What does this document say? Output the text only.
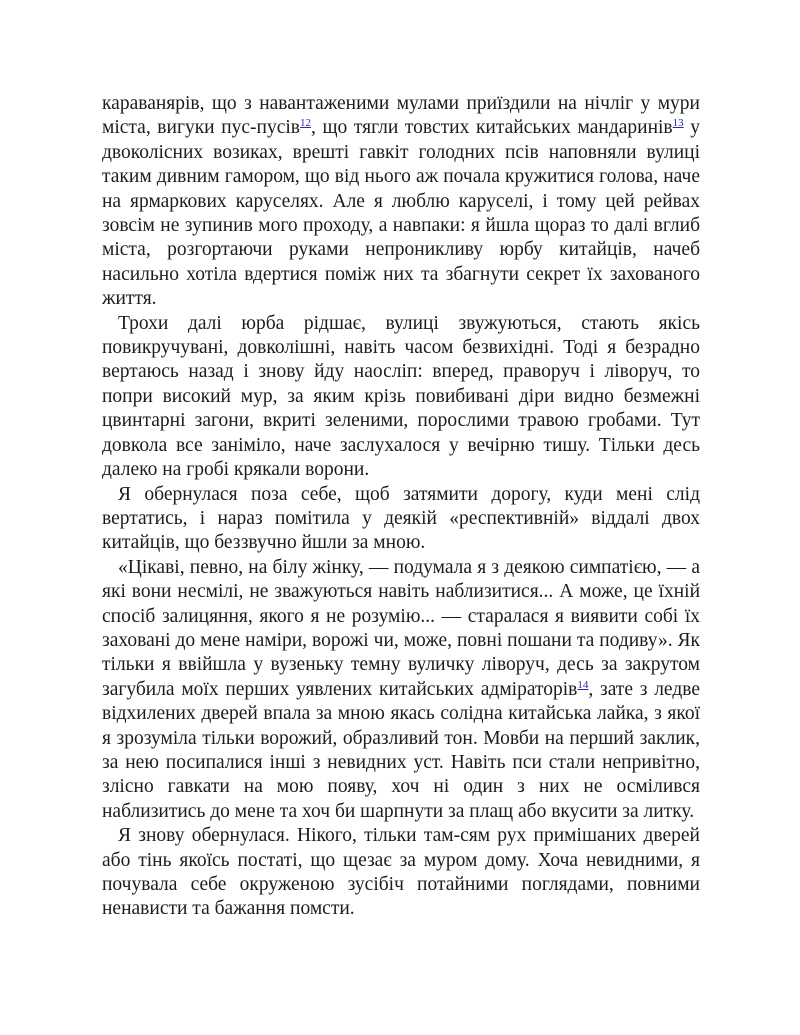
караванярів, що з навантаженими мулами приїздили на нічліг у мури міста, вигуки пус-пусів$^{12}$, що тягли товстих китайських мандаринів$^{13}$ у двоколісних возиках, врешті гавкіт голодних псів наповняли вулиці таким дивним гамором, що від нього аж почала кружитися голова, наче на ярмаркових каруселях. Але я люблю каруселі, і тому цей рейвах зовсім не зупинив мого проходу, а навпаки: я йшла щораз то далі вглиб міста, розгортаючи руками непроникливу юрбу китайців, начеб насильно хотіла вдертися поміж них та збагнути секрет їх захованого життя.

Трохи далі юрба рідшає, вулиці звужуються, стають якісь повикручувані, довколішні, навіть часом безвихідні. Тоді я безрадно вертаюсь назад і знову йду наосліп: вперед, праворуч і ліворуч, то попри високий мур, за яким крізь повибивані діри видно безмежні цвинтарні загони, вкриті зеленими, порослими травою гробами. Тут довкола все заніміло, наче заслухалося у вечірню тишу. Тільки десь далеко на гробі крякали ворони.

Я обернулася поза себе, щоб затямити дорогу, куди мені слід вертатись, і нараз помітила у деякій «респективній» віддалі двох китайців, що беззвучно йшли за мною.

«Цікаві, певно, на білу жінку, — подумала я з деякою симпатією, — а які вони несмілі, не зважуються навіть наблизитися... А може, це їхній спосіб залицяння, якого я не розумію... — старалася я виявити собі їх заховані до мене наміри, ворожі чи, може, повні пошани та подиву». Як тільки я ввійшла у вузеньку темну вуличку ліворуч, десь за закрутом загубила моїх перших уявлених китайських адміраторів$^{14}$, зате з ледве відхилених дверей впала за мною якась солідна китайська лайка, з якої я зрозуміла тільки ворожий, образливий тон. Мовби на перший заклик, за нею посипалися інші з невидних уст. Навіть пси стали непривітно, злісно гавкати на мою появу, хоч ні один з них не осмілився наблизитись до мене та хоч би шарпнути за плащ або вкусити за литку.

Я знову обернулася. Нікого, тільки там-сям рух примішаних дверей або тінь якоїсь постаті, що щезає за муром дому. Хоча невидними, я почувала себе окруженою зусібіч потайними поглядами, повними ненависти та бажання помсти.
